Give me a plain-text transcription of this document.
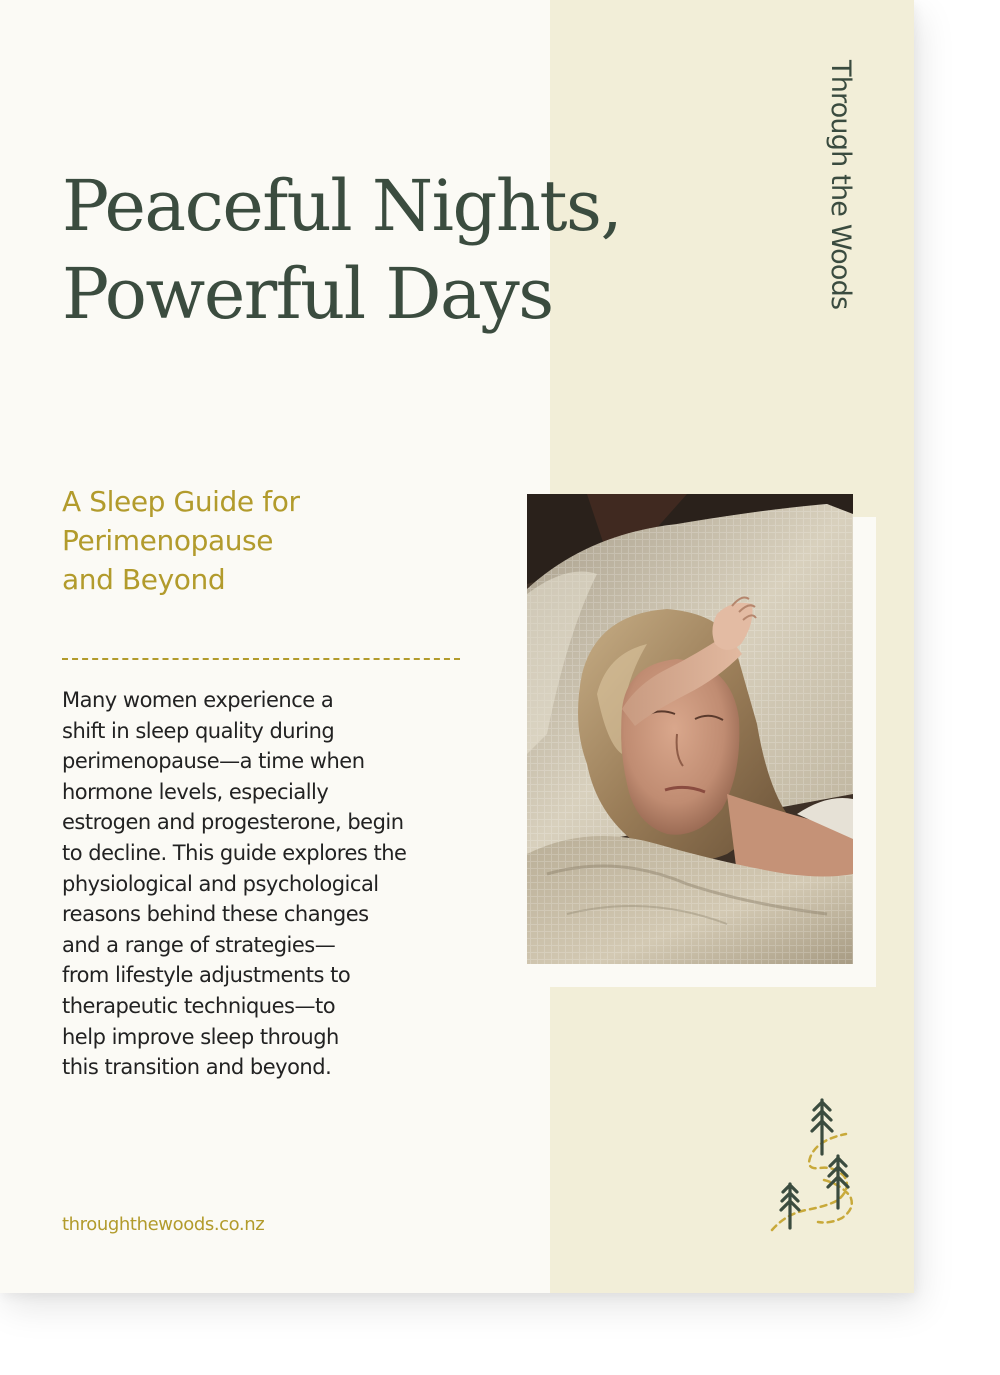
Through the Woods
Peaceful Nights,
Powerful Days
A Sleep Guide for
Perimenopause
and Beyond

Many women experience a
shift in sleep quality during
perimenopause—a time when
hormone levels, especially
estrogen and progesterone, begin
to decline. This guide explores the
physiological and psychological
reasons behind these changes
and a range of strategies—
from lifestyle adjustments to
therapeutic techniques—to
help improve sleep through
this transition and beyond.

throughthewoods.co.nz
